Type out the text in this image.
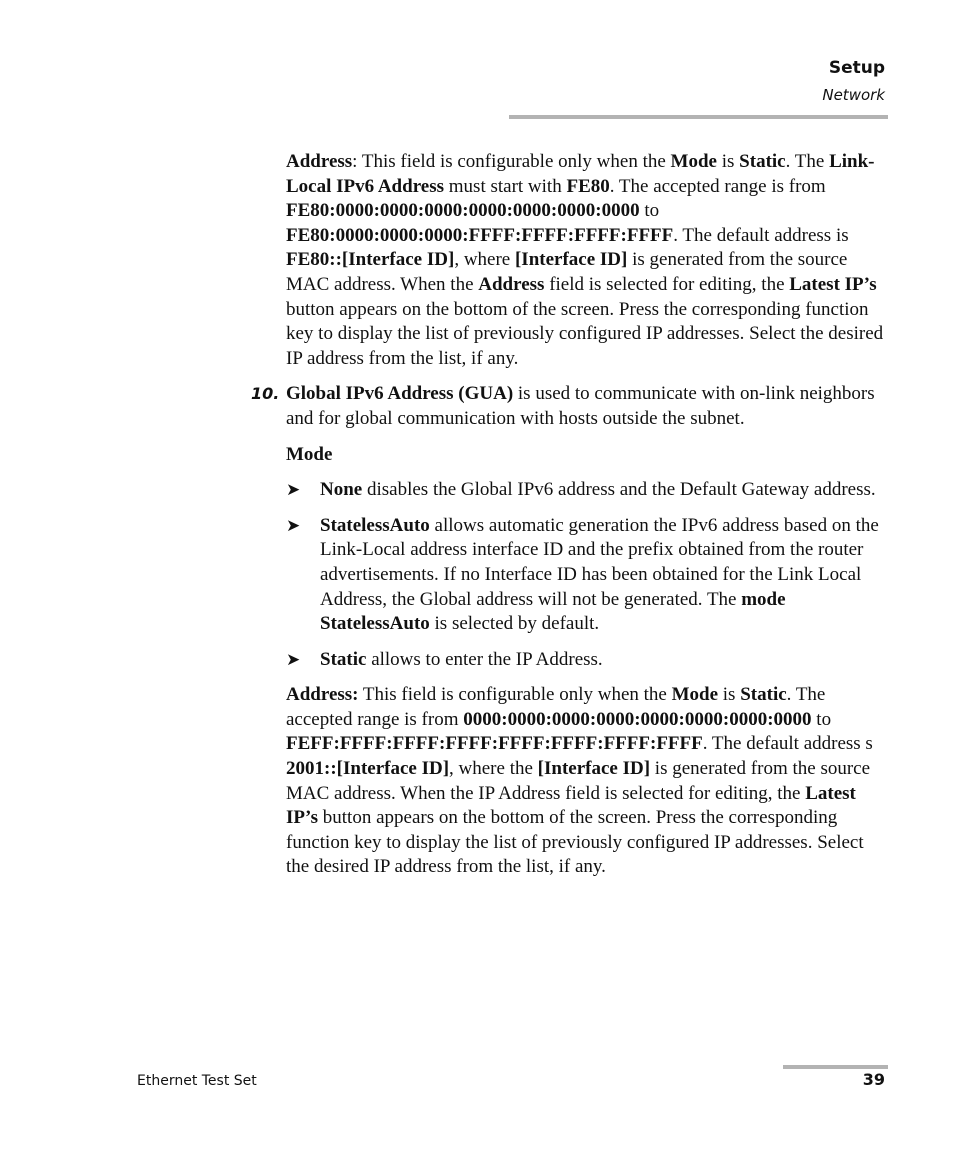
Setup
Network

Address: This field is configurable only when the Mode is Static. The Link-Local IPv6 Address must start with FE80. The accepted range is from FE80:0000:0000:0000:0000:0000:0000:0000 to FE80:0000:0000:0000:FFFF:FFFF:FFFF:FFFF. The default address is FE80::[Interface ID], where [Interface ID] is generated from the source MAC address. When the Address field is selected for editing, the Latest IP’s button appears on the bottom of the screen. Press the corresponding function key to display the list of previously configured IP addresses. Select the desired IP address from the list, if any.

10. Global IPv6 Address (GUA) is used to communicate with on-link neighbors and for global communication with hosts outside the subnet.
Mode
➤ None disables the Global IPv6 address and the Default Gateway address.
➤ StatelessAuto allows automatic generation the IPv6 address based on the Link-Local address interface ID and the prefix obtained from the router advertisements. If no Interface ID has been obtained for the Link Local Address, the Global address will not be generated. The mode StatelessAuto is selected by default.
➤ Static allows to enter the IP Address.

Address: This field is configurable only when the Mode is Static. The accepted range is from 0000:0000:0000:0000:0000:0000:0000:0000 to FEFF:FFFF:FFFF:FFFF:FFFF:FFFF:FFFF:FFFF. The default address s 2001::[Interface ID], where the [Interface ID] is generated from the source MAC address. When the IP Address field is selected for editing, the Latest IP’s button appears on the bottom of the screen. Press the corresponding function key to display the list of previously configured IP addresses. Select the desired IP address from the list, if any.

Ethernet Test Set	39
